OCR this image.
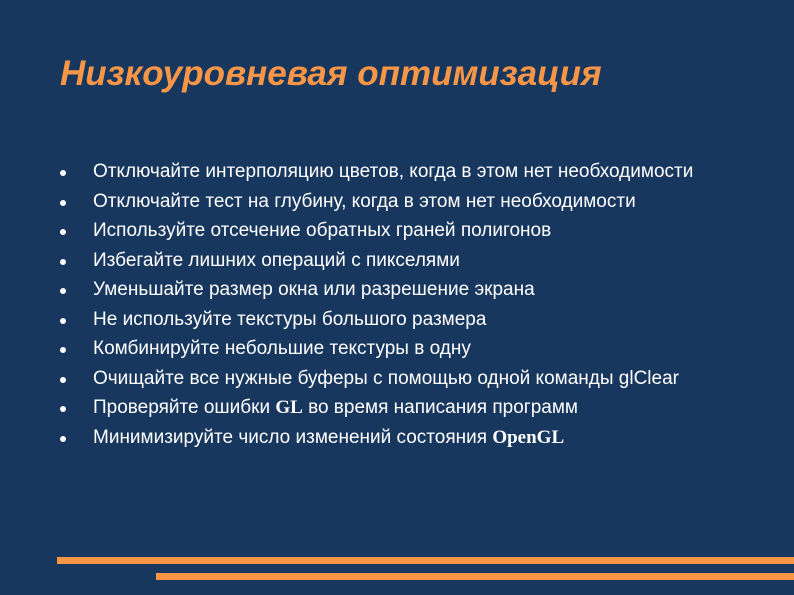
Низкоуровневая оптимизация
Отключайте интерполяцию цветов, когда в этом нет необходимости
Отключайте тест на глубину, когда в этом нет необходимости
Используйте отсечение обратных граней полигонов
Избегайте лишних операций с пикселями
Уменьшайте размер окна или разрешение экрана
Не используйте текстуры большого размера
Комбинируйте небольшие текстуры в одну
Очищайте все нужные буферы с помощью одной команды glClear
Проверяйте ошибки GL во время написания программ
Минимизируйте число изменений состояния OpenGL
